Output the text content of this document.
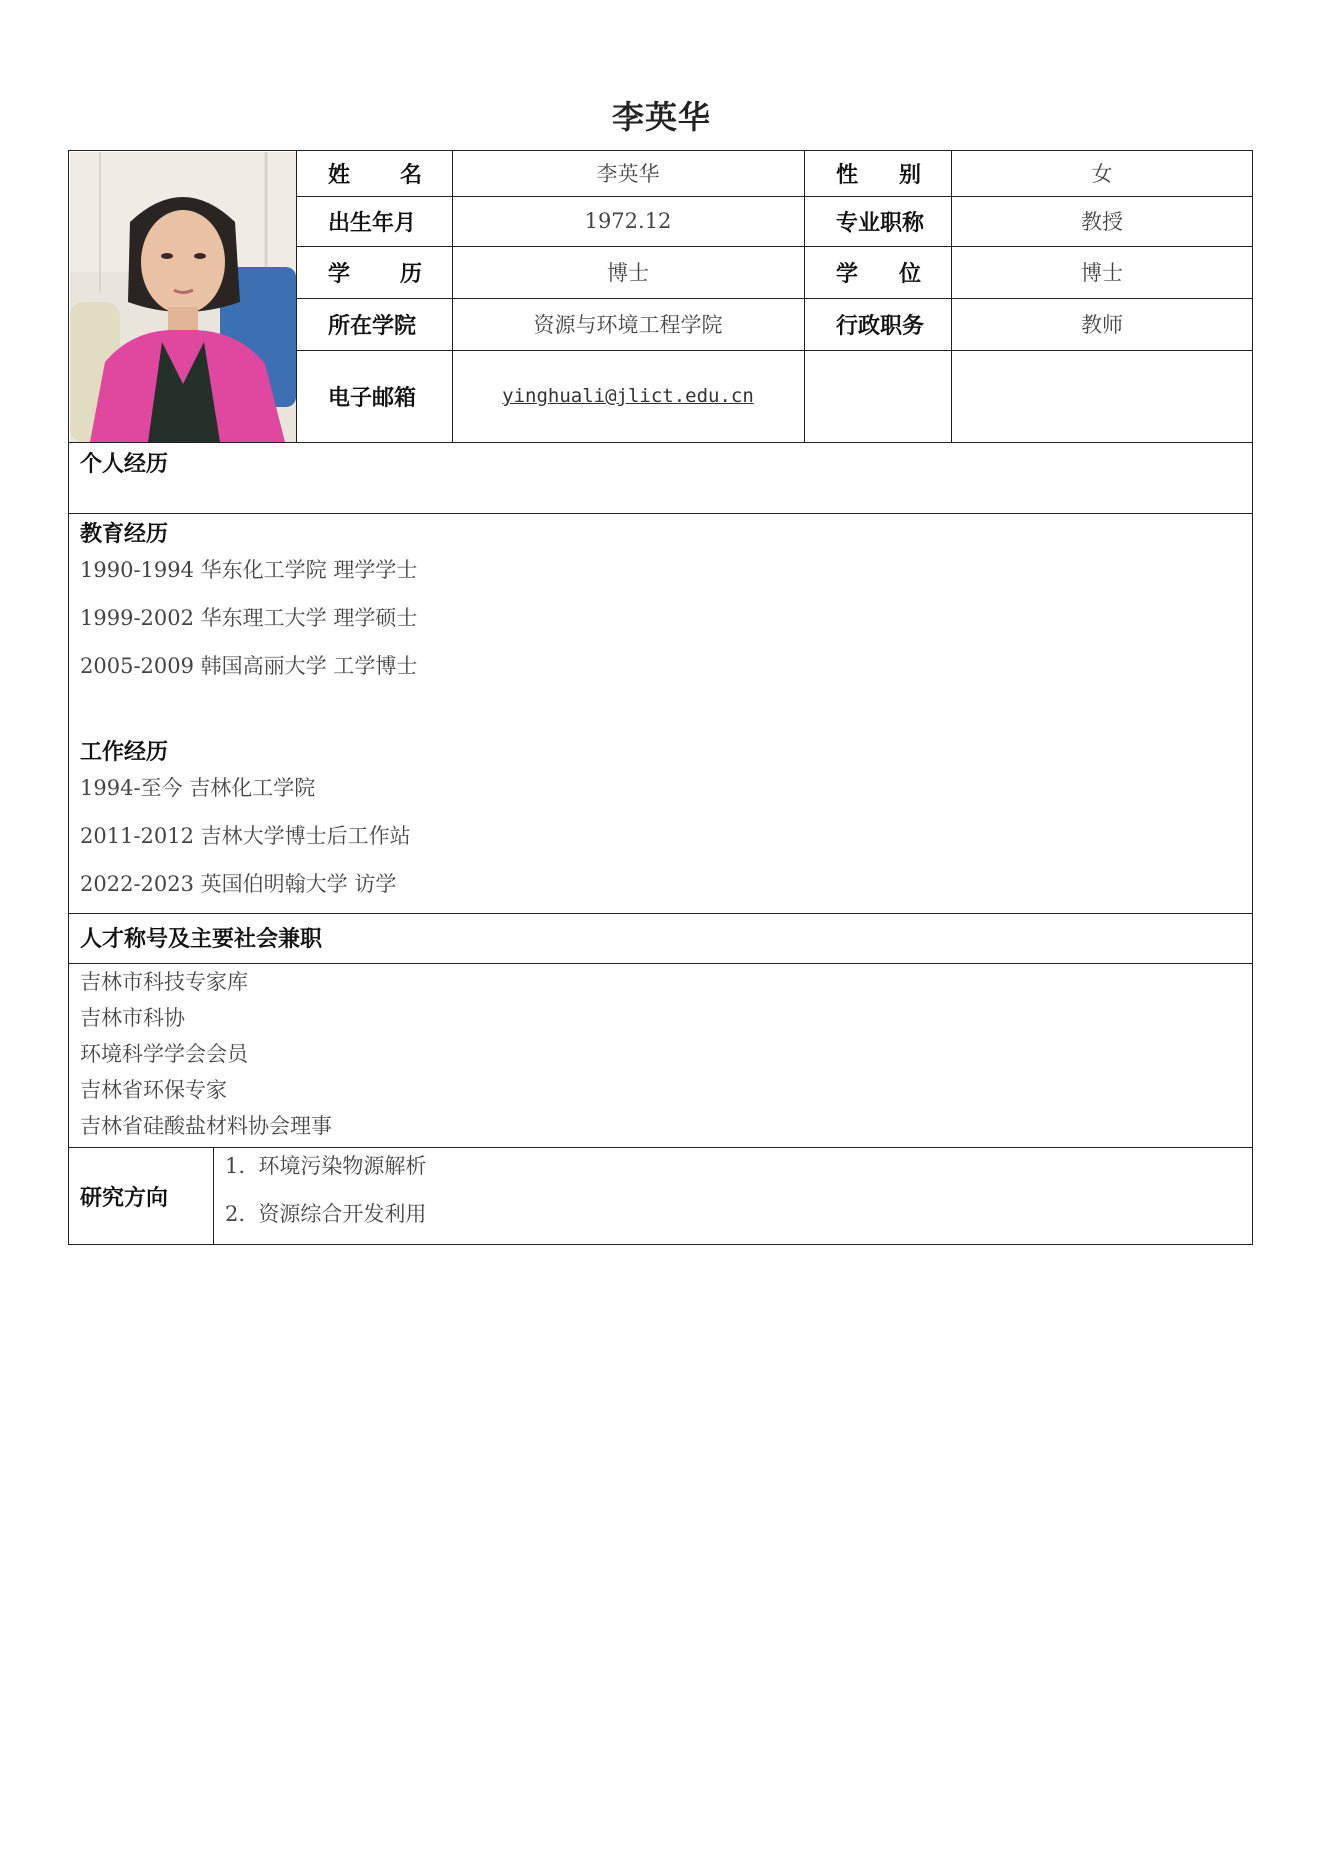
李英华
姓 名	李英华	性 别	女
出生年月	1972.12	专业职称	教授
学 历	博士	学 位	博士
所在学院	资源与环境工程学院	行政职务	教师
电子邮箱	yinghuali@jlict.edu.cn
个人经历
教育经历
1990-1994 华东化工学院 理学学士
1999-2002 华东理工大学 理学硕士
2005-2009 韩国高丽大学 工学博士
工作经历
1994-至今 吉林化工学院
2011-2012 吉林大学博士后工作站
2022-2023 英国伯明翰大学 访学
人才称号及主要社会兼职
吉林市科技专家库
吉林市科协
环境科学学会会员
吉林省环保专家
吉林省硅酸盐材料协会理事
研究方向
1.  环境污染物源解析
2.  资源综合开发利用
